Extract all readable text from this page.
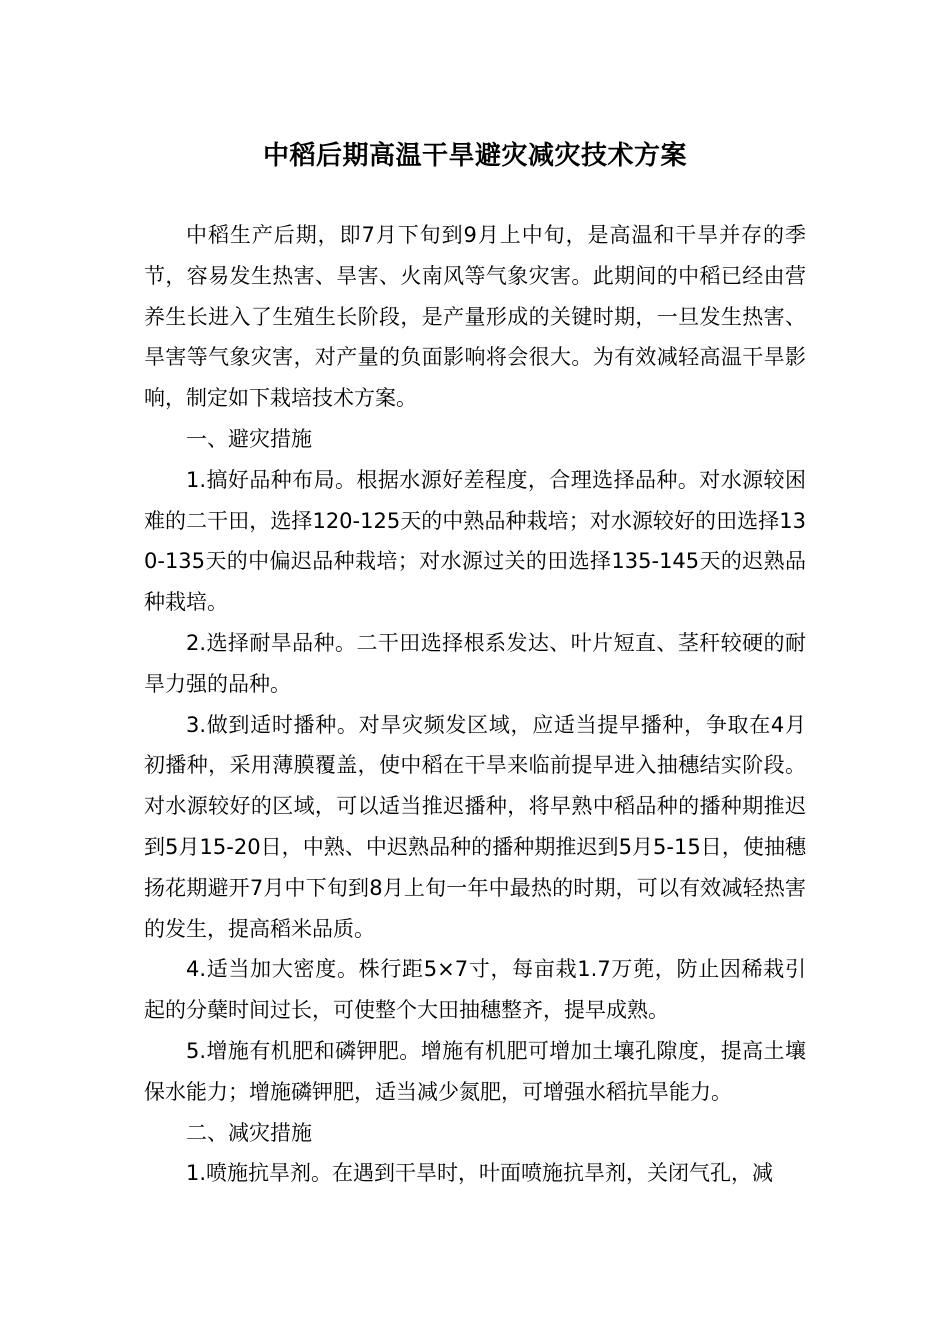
中稻后期高温干旱避灾减灾技术方案

中稻生产后期，即7月下旬到9月上中旬，是高温和干旱并存的季节，容易发生热害、旱害、火南风等气象灾害。此期间的中稻已经由营养生长进入了生殖生长阶段，是产量形成的关键时期，一旦发生热害、旱害等气象灾害，对产量的负面影响将会很大。为有效减轻高温干旱影响，制定如下栽培技术方案。

一、避灾措施

1.搞好品种布局。根据水源好差程度，合理选择品种。对水源较困难的二干田，选择120-125天的中熟品种栽培；对水源较好的田选择130-135天的中偏迟品种栽培；对水源过关的田选择135-145天的迟熟品种栽培。

2.选择耐旱品种。二干田选择根系发达、叶片短直、茎秆较硬的耐旱力强的品种。

3.做到适时播种。对旱灾频发区域，应适当提早播种，争取在4月初播种，采用薄膜覆盖，使中稻在干旱来临前提早进入抽穗结实阶段。对水源较好的区域，可以适当推迟播种，将早熟中稻品种的播种期推迟到5月15-20日，中熟、中迟熟品种的播种期推迟到5月5-15日，使抽穗扬花期避开7月中下旬到8月上旬一年中最热的时期，可以有效减轻热害的发生，提高稻米品质。

4.适当加大密度。株行距5×7寸，每亩栽1.7万蔸，防止因稀栽引起的分蘖时间过长，可使整个大田抽穗整齐，提早成熟。

5.增施有机肥和磷钾肥。增施有机肥可增加土壤孔隙度，提高土壤保水能力；增施磷钾肥，适当减少氮肥，可增强水稻抗旱能力。

二、减灾措施

1.喷施抗旱剂。在遇到干旱时，叶面喷施抗旱剂，关闭气孔，减
